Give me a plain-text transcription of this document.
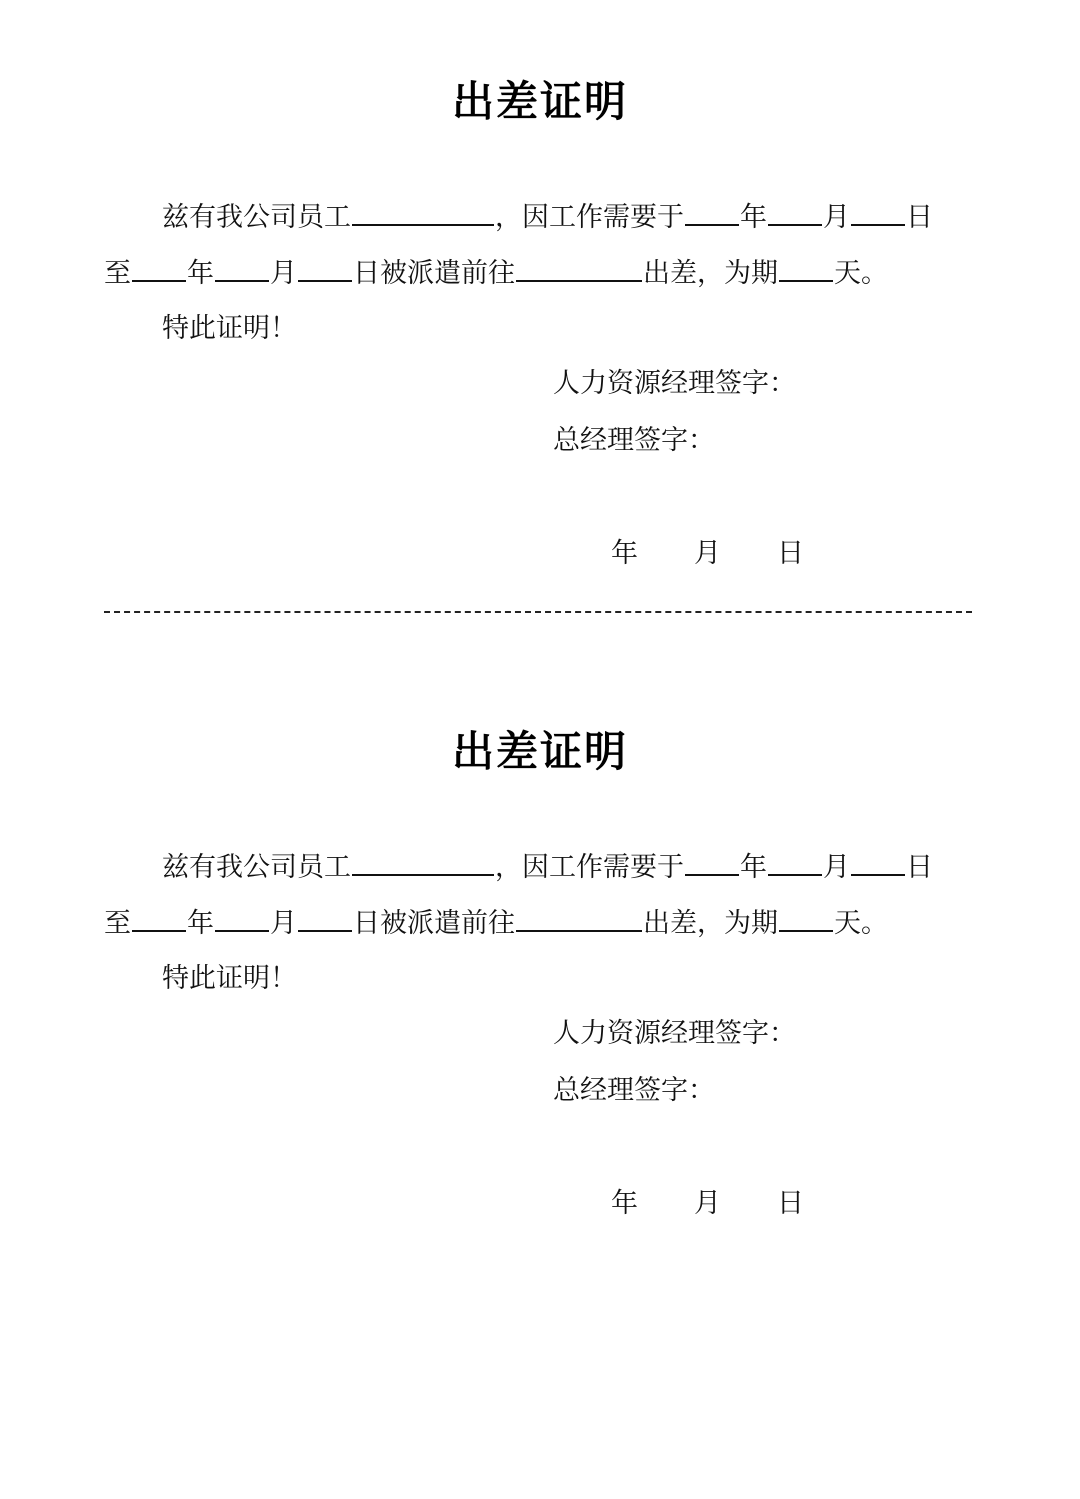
出差证明
兹有我公司员工	，因工作需要于 年 月 日
至 年 月 日被派遣前往	出差，为期 天。
特此证明！
人力资源经理签字：
总经理签字：
年 月 日
出差证明
兹有我公司员工	，因工作需要于 年 月 日
至 年 月 日被派遣前往	出差，为期 天。
特此证明！
人力资源经理签字：
总经理签字：
年 月 日
